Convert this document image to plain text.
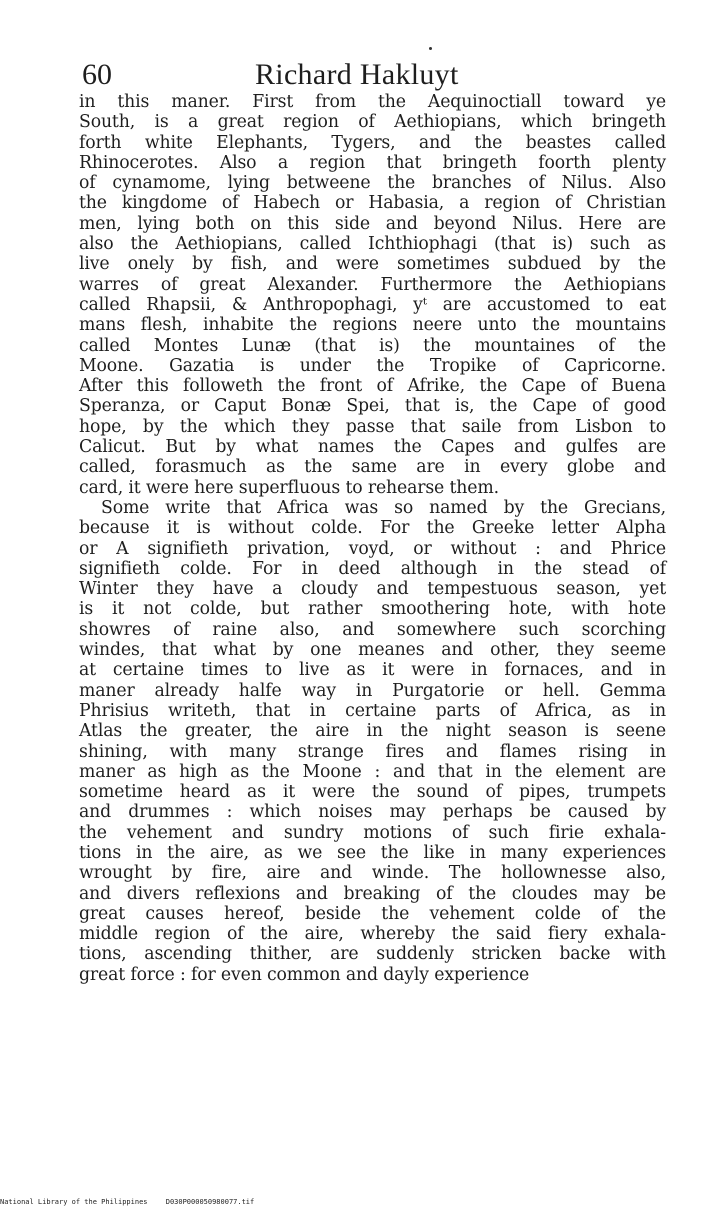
60	Richard Hakluyt
in this maner. First from the Aequinoctiall toward ye
South, is a great region of Aethiopians, which bringeth
forth white Elephants, Tygers, and the beastes called
Rhinocerotes. Also a region that bringeth foorth plenty
of cynamome, lying betweene the branches of Nilus. Also
the kingdome of Habech or Habasia, a region of Christian
men, lying both on this side and beyond Nilus. Here are
also the Aethiopians, called Ichthiophagi (that is) such as
live onely by fish, and were sometimes subdued by the
warres of great Alexander. Furthermore the Aethiopians
called Rhapsii, & Anthropophagi, yᵗ are accustomed to eat
mans flesh, inhabite the regions neere unto the mountains
called Montes Lunæ (that is) the mountaines of the
Moone. Gazatia is under the Tropike of Capricorne.
After this followeth the front of Afrike, the Cape of Buena
Speranza, or Caput Bonæ Spei, that is, the Cape of good
hope, by the which they passe that saile from Lisbon to
Calicut. But by what names the Capes and gulfes are
called, forasmuch as the same are in every globe and
card, it were here superfluous to rehearse them.
Some write that Africa was so named by the Grecians,
because it is without colde. For the Greeke letter Alpha
or A signifieth privation, voyd, or without : and Phrice
signifieth colde. For in deed although in the stead of
Winter they have a cloudy and tempestuous season, yet
is it not colde, but rather smoothering hote, with hote
showres of raine also, and somewhere such scorching
windes, that what by one meanes and other, they seeme
at certaine times to live as it were in fornaces, and in
maner already halfe way in Purgatorie or hell. Gemma
Phrisius writeth, that in certaine parts of Africa, as in
Atlas the greater, the aire in the night season is seene
shining, with many strange fires and flames rising in
maner as high as the Moone : and that in the element are
sometime heard as it were the sound of pipes, trumpets
and drummes : which noises may perhaps be caused by
the vehement and sundry motions of such firie exhala-
tions in the aire, as we see the like in many experiences
wrought by fire, aire and winde. The hollownesse also,
and divers reflexions and breaking of the cloudes may be
great causes hereof, beside the vehement colde of the
middle region of the aire, whereby the said fiery exhala-
tions, ascending thither, are suddenly stricken backe with
great force : for even common and dayly experience
National Library of the Philippines	D030P000050980077.tif
